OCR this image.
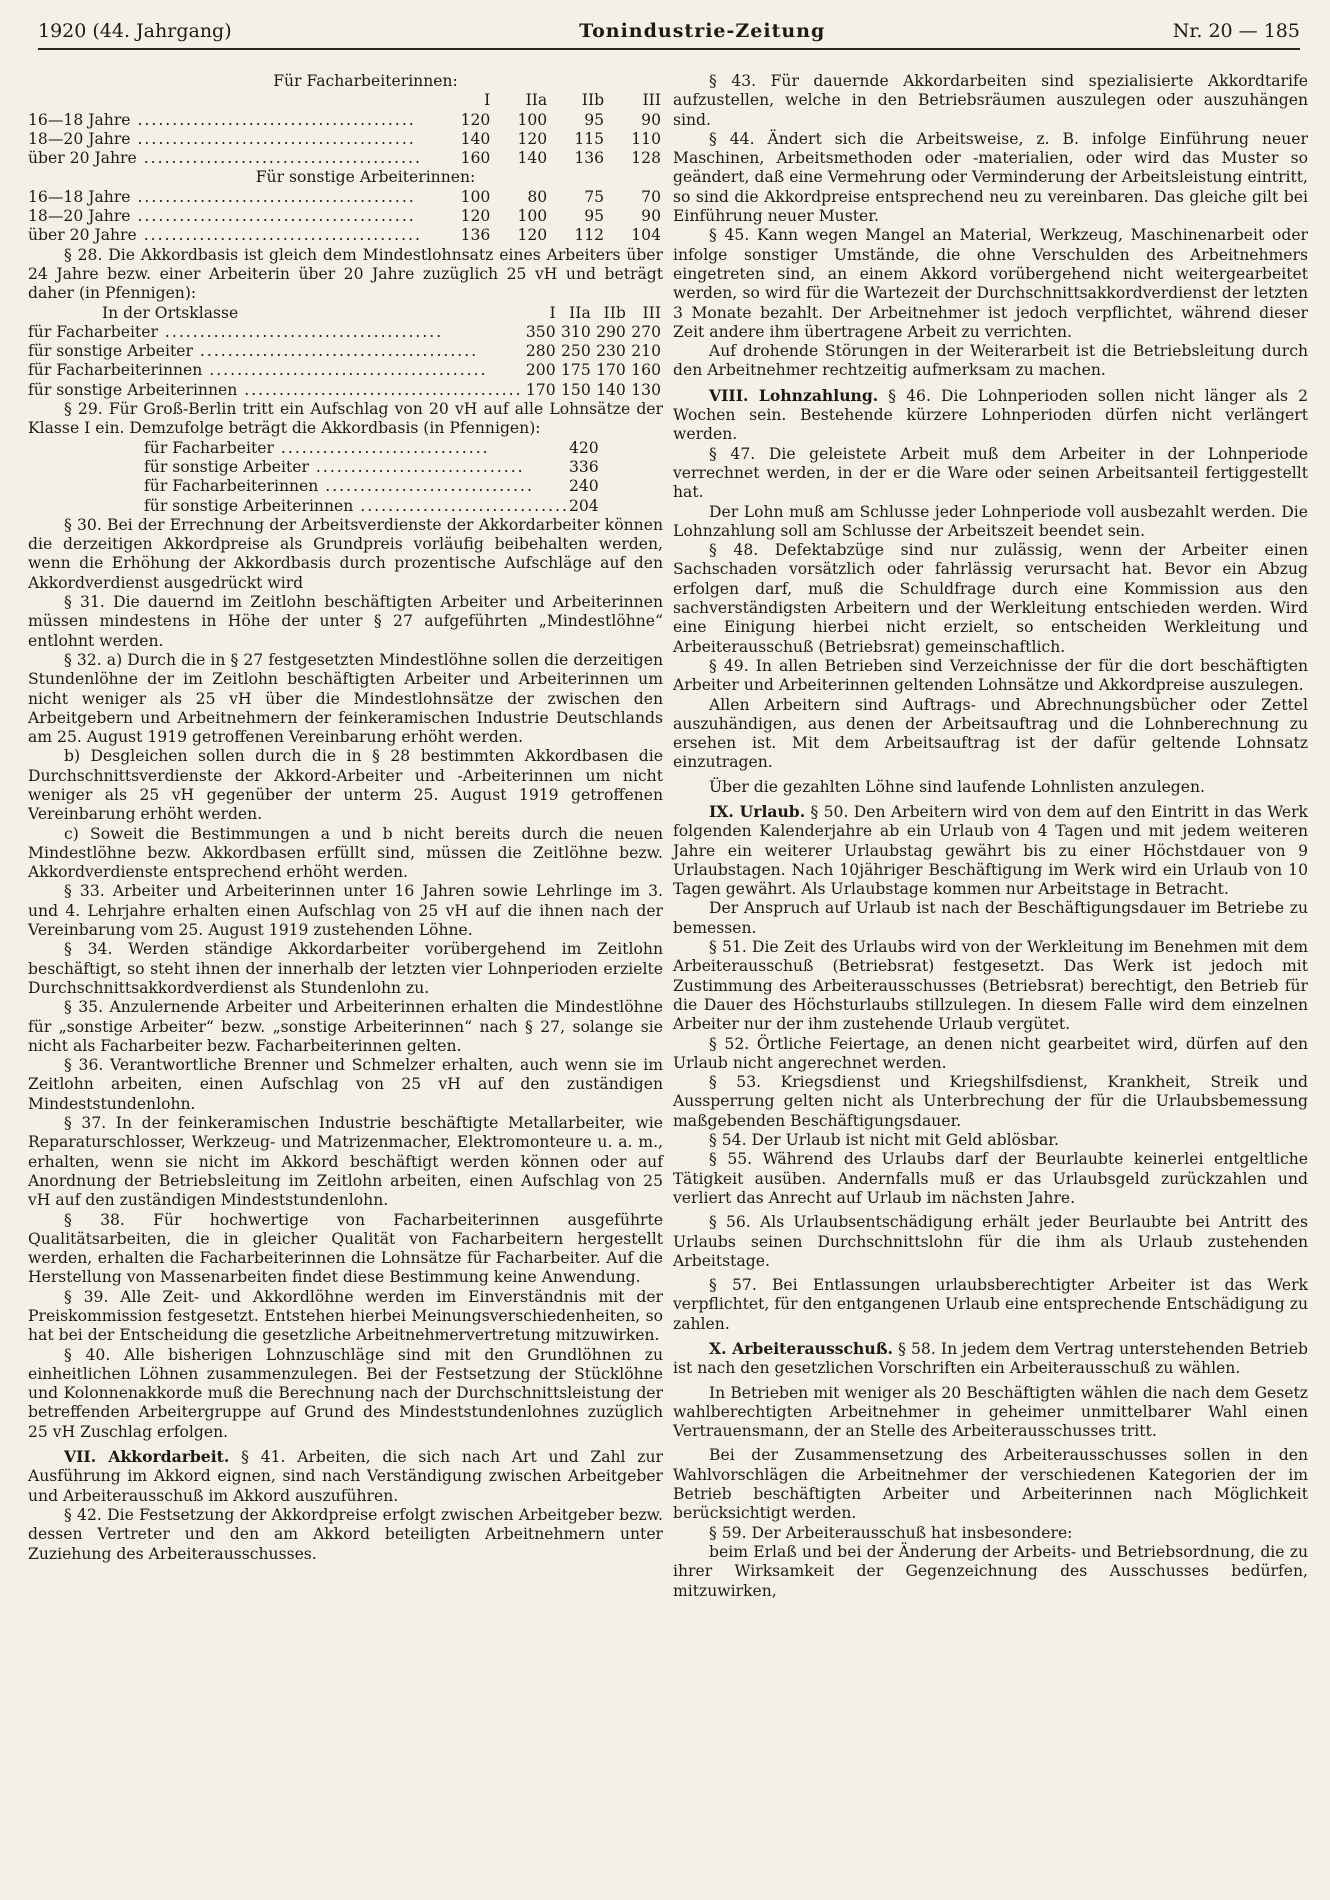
1920 (44. Jahrgang)	Tonindustrie-Zeitung	Nr. 20 — 185
Für Facharbeiterinnen:
	I	IIa	IIb	III
16—18 Jahre ........................................	120	100	95	90
18—20 Jahre ........................................	140	120	115	110
über 20 Jahre ........................................	160	140	136	128
Für sonstige Arbeiterinnen:
16—18 Jahre ........................................	100	80	75	70
18—20 Jahre ........................................	120	100	95	90
über 20 Jahre ........................................	136	120	112	104
§ 28. Die Akkordbasis ist gleich dem Mindestlohnsatz eines Arbeiters über 24 Jahre bezw. einer Arbeiterin über 20 Jahre zuzüglich 25 vH und beträgt daher (in Pfennigen):
In der Ortsklasse	I	IIa	IIb	III
für Facharbeiter ........................................	350	310	290	270
für sonstige Arbeiter ........................................	280	250	230	210
für Facharbeiterinnen ........................................	200	175	170	160
für sonstige Arbeiterinnen ........................................	170	150	140	130
§ 29. Für Groß-Berlin tritt ein Aufschlag von 20 vH auf alle Lohnsätze der Klasse I ein. Demzufolge beträgt die Akkordbasis (in Pfennigen):
für Facharbeiter ..............................	420
für sonstige Arbeiter ..............................	336
für Facharbeiterinnen ..............................	240
für sonstige Arbeiterinnen ..............................	204
§ 30. Bei der Errechnung der Arbeitsverdienste der Akkordarbeiter können die derzeitigen Akkordpreise als Grundpreis vorläufig beibehalten werden, wenn die Erhöhung der Akkordbasis durch prozentische Aufschläge auf den Akkordverdienst ausgedrückt wird
§ 31. Die dauernd im Zeitlohn beschäftigten Arbeiter und Arbeiterinnen müssen mindestens in Höhe der unter § 27 aufgeführten „Mindestlöhne“ entlohnt werden.
§ 32. a) Durch die in § 27 festgesetzten Mindestlöhne sollen die derzeitigen Stundenlöhne der im Zeitlohn beschäftigten Arbeiter und Arbeiterinnen um nicht weniger als 25 vH über die Mindestlohnsätze der zwischen den Arbeitgebern und Arbeitnehmern der feinkeramischen Industrie Deutschlands am 25. August 1919 getroffenen Vereinbarung erhöht werden.
b) Desgleichen sollen durch die in § 28 bestimmten Akkordbasen die Durchschnittsverdienste der Akkord-Arbeiter und -Arbeiterinnen um nicht weniger als 25 vH gegenüber der unterm 25. August 1919 getroffenen Vereinbarung erhöht werden.
c) Soweit die Bestimmungen a und b nicht bereits durch die neuen Mindestlöhne bezw. Akkordbasen erfüllt sind, müssen die Zeitlöhne bezw. Akkordverdienste entsprechend erhöht werden.
§ 33. Arbeiter und Arbeiterinnen unter 16 Jahren sowie Lehrlinge im 3. und 4. Lehrjahre erhalten einen Aufschlag von 25 vH auf die ihnen nach der Vereinbarung vom 25. August 1919 zustehenden Löhne.
§ 34. Werden ständige Akkordarbeiter vorübergehend im Zeitlohn beschäftigt, so steht ihnen der innerhalb der letzten vier Lohnperioden erzielte Durchschnittsakkordverdienst als Stundenlohn zu.
§ 35. Anzulernende Arbeiter und Arbeiterinnen erhalten die Mindestlöhne für „sonstige Arbeiter“ bezw. „sonstige Arbeiterinnen“ nach § 27, solange sie nicht als Facharbeiter bezw. Facharbeiterinnen gelten.
§ 36. Verantwortliche Brenner und Schmelzer erhalten, auch wenn sie im Zeitlohn arbeiten, einen Aufschlag von 25 vH auf den zuständigen Mindeststundenlohn.
§ 37. In der feinkeramischen Industrie beschäftigte Metallarbeiter, wie Reparaturschlosser, Werkzeug- und Matrizenmacher, Elektromonteure u. a. m., erhalten, wenn sie nicht im Akkord beschäftigt werden können oder auf Anordnung der Betriebsleitung im Zeitlohn arbeiten, einen Aufschlag von 25 vH auf den zuständigen Mindeststundenlohn.
§ 38. Für hochwertige von Facharbeiterinnen ausgeführte Qualitätsarbeiten, die in gleicher Qualität von Facharbeitern hergestellt werden, erhalten die Facharbeiterinnen die Lohnsätze für Facharbeiter. Auf die Herstellung von Massenarbeiten findet diese Bestimmung keine Anwendung.
§ 39. Alle Zeit- und Akkordlöhne werden im Einverständnis mit der Preiskommission festgesetzt. Entstehen hierbei Meinungsverschiedenheiten, so hat bei der Entscheidung die gesetzliche Arbeitnehmervertretung mitzuwirken.
§ 40. Alle bisherigen Lohnzuschläge sind mit den Grundlöhnen zu einheitlichen Löhnen zusammenzulegen. Bei der Festsetzung der Stücklöhne und Kolonnenakkorde muß die Berechnung nach der Durchschnittsleistung der betreffenden Arbeitergruppe auf Grund des Mindeststundenlohnes zuzüglich 25 vH Zuschlag erfolgen.
VII. Akkordarbeit. § 41. Arbeiten, die sich nach Art und Zahl zur Ausführung im Akkord eignen, sind nach Verständigung zwischen Arbeitgeber und Arbeiterausschuß im Akkord auszuführen.
§ 42. Die Festsetzung der Akkordpreise erfolgt zwischen Arbeitgeber bezw. dessen Vertreter und den am Akkord beteiligten Arbeitnehmern unter Zuziehung des Arbeiterausschusses.
§ 43. Für dauernde Akkordarbeiten sind spezialisierte Akkordtarife aufzustellen, welche in den Betriebsräumen auszulegen oder auszuhängen sind.
§ 44. Ändert sich die Arbeitsweise, z. B. infolge Einführung neuer Maschinen, Arbeitsmethoden oder -materialien, oder wird das Muster so geändert, daß eine Vermehrung oder Verminderung der Arbeitsleistung eintritt, so sind die Akkordpreise entsprechend neu zu vereinbaren. Das gleiche gilt bei Einführung neuer Muster.
§ 45. Kann wegen Mangel an Material, Werkzeug, Maschinenarbeit oder infolge sonstiger Umstände, die ohne Verschulden des Arbeitnehmers eingetreten sind, an einem Akkord vorübergehend nicht weitergearbeitet werden, so wird für die Wartezeit der Durchschnittsakkordverdienst der letzten 3 Monate bezahlt. Der Arbeitnehmer ist jedoch verpflichtet, während dieser Zeit andere ihm übertragene Arbeit zu verrichten.
Auf drohende Störungen in der Weiterarbeit ist die Betriebsleitung durch den Arbeitnehmer rechtzeitig aufmerksam zu machen.
VIII. Lohnzahlung. § 46. Die Lohnperioden sollen nicht länger als 2 Wochen sein. Bestehende kürzere Lohnperioden dürfen nicht verlängert werden.
§ 47. Die geleistete Arbeit muß dem Arbeiter in der Lohnperiode verrechnet werden, in der er die Ware oder seinen Arbeitsanteil fertiggestellt hat.
Der Lohn muß am Schlusse jeder Lohnperiode voll ausbezahlt werden. Die Lohnzahlung soll am Schlusse der Arbeitszeit beendet sein.
§ 48. Defektabzüge sind nur zulässig, wenn der Arbeiter einen Sachschaden vorsätzlich oder fahrlässig verursacht hat. Bevor ein Abzug erfolgen darf, muß die Schuldfrage durch eine Kommission aus den sachverständigsten Arbeitern und der Werkleitung entschieden werden. Wird eine Einigung hierbei nicht erzielt, so entscheiden Werkleitung und Arbeiterausschuß (Betriebsrat) gemeinschaftlich.
§ 49. In allen Betrieben sind Verzeichnisse der für die dort beschäftigten Arbeiter und Arbeiterinnen geltenden Lohnsätze und Akkordpreise auszulegen.
Allen Arbeitern sind Auftrags- und Abrechnungsbücher oder Zettel auszuhändigen, aus denen der Arbeitsauftrag und die Lohnberechnung zu ersehen ist. Mit dem Arbeitsauftrag ist der dafür geltende Lohnsatz einzutragen.
Über die gezahlten Löhne sind laufende Lohnlisten anzulegen.
IX. Urlaub. § 50. Den Arbeitern wird von dem auf den Eintritt in das Werk folgenden Kalenderjahre ab ein Urlaub von 4 Tagen und mit jedem weiteren Jahre ein weiterer Urlaubstag gewährt bis zu einer Höchstdauer von 9 Urlaubstagen. Nach 10jähriger Beschäftigung im Werk wird ein Urlaub von 10 Tagen gewährt. Als Urlaubstage kommen nur Arbeitstage in Betracht.
Der Anspruch auf Urlaub ist nach der Beschäftigungsdauer im Betriebe zu bemessen.
§ 51. Die Zeit des Urlaubs wird von der Werkleitung im Benehmen mit dem Arbeiterausschuß (Betriebsrat) festgesetzt. Das Werk ist jedoch mit Zustimmung des Arbeiterausschusses (Betriebsrat) berechtigt, den Betrieb für die Dauer des Höchsturlaubs stillzulegen. In diesem Falle wird dem einzelnen Arbeiter nur der ihm zustehende Urlaub vergütet.
§ 52. Örtliche Feiertage, an denen nicht gearbeitet wird, dürfen auf den Urlaub nicht angerechnet werden.
§ 53. Kriegsdienst und Kriegshilfsdienst, Krankheit, Streik und Aussperrung gelten nicht als Unterbrechung der für die Urlaubsbemessung maßgebenden Beschäftigungsdauer.
§ 54. Der Urlaub ist nicht mit Geld ablösbar.
§ 55. Während des Urlaubs darf der Beurlaubte keinerlei entgeltliche Tätigkeit ausüben. Andernfalls muß er das Urlaubsgeld zurückzahlen und verliert das Anrecht auf Urlaub im nächsten Jahre.
§ 56. Als Urlaubsentschädigung erhält jeder Beurlaubte bei Antritt des Urlaubs seinen Durchschnittslohn für die ihm als Urlaub zustehenden Arbeitstage.
§ 57. Bei Entlassungen urlaubsberechtigter Arbeiter ist das Werk verpflichtet, für den entgangenen Urlaub eine entsprechende Entschädigung zu zahlen.
X. Arbeiterausschuß. § 58. In jedem dem Vertrag unterstehenden Betrieb ist nach den gesetzlichen Vorschriften ein Arbeiterausschuß zu wählen.
In Betrieben mit weniger als 20 Beschäftigten wählen die nach dem Gesetz wahlberechtigten Arbeitnehmer in geheimer unmittelbarer Wahl einen Vertrauensmann, der an Stelle des Arbeiterausschusses tritt.
Bei der Zusammensetzung des Arbeiterausschusses sollen in den Wahlvorschlägen die Arbeitnehmer der verschiedenen Kategorien der im Betrieb beschäftigten Arbeiter und Arbeiterinnen nach Möglichkeit berücksichtigt werden.
§ 59. Der Arbeiterausschuß hat insbesondere:
beim Erlaß und bei der Änderung der Arbeits- und Betriebsordnung, die zu ihrer Wirksamkeit der Gegenzeichnung des Ausschusses bedürfen, mitzuwirken,
